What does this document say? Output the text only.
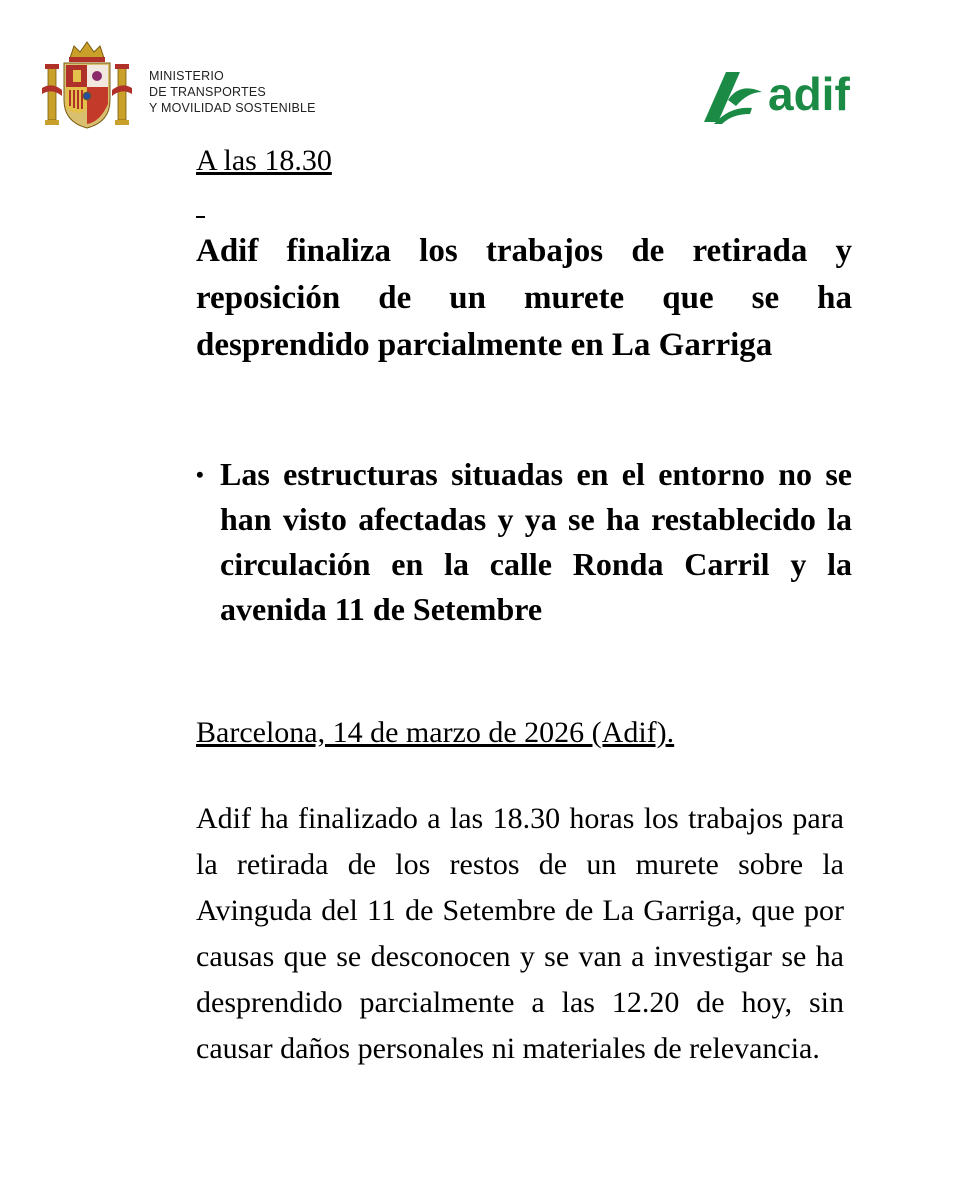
MINISTERIO
DE TRANSPORTES
Y MOVILIDAD SOSTENIBLE	adif
A las 18.30
Adif finaliza los trabajos de retirada y reposición de un murete que se ha desprendido parcialmente en La Garriga
• Las estructuras situadas en el entorno no se han visto afectadas y ya se ha restablecido la circulación en la calle Ronda Carril y la avenida 11 de Setembre
Barcelona, 14 de marzo de 2026 (Adif).
Adif ha finalizado a las 18.30 horas los trabajos para la retirada de los restos de un murete sobre la Avinguda del 11 de Setembre de La Garriga, que por causas que se desconocen y se van a investigar se ha desprendido parcialmente a las 12.20 de hoy, sin causar daños personales ni materiales de relevancia.
